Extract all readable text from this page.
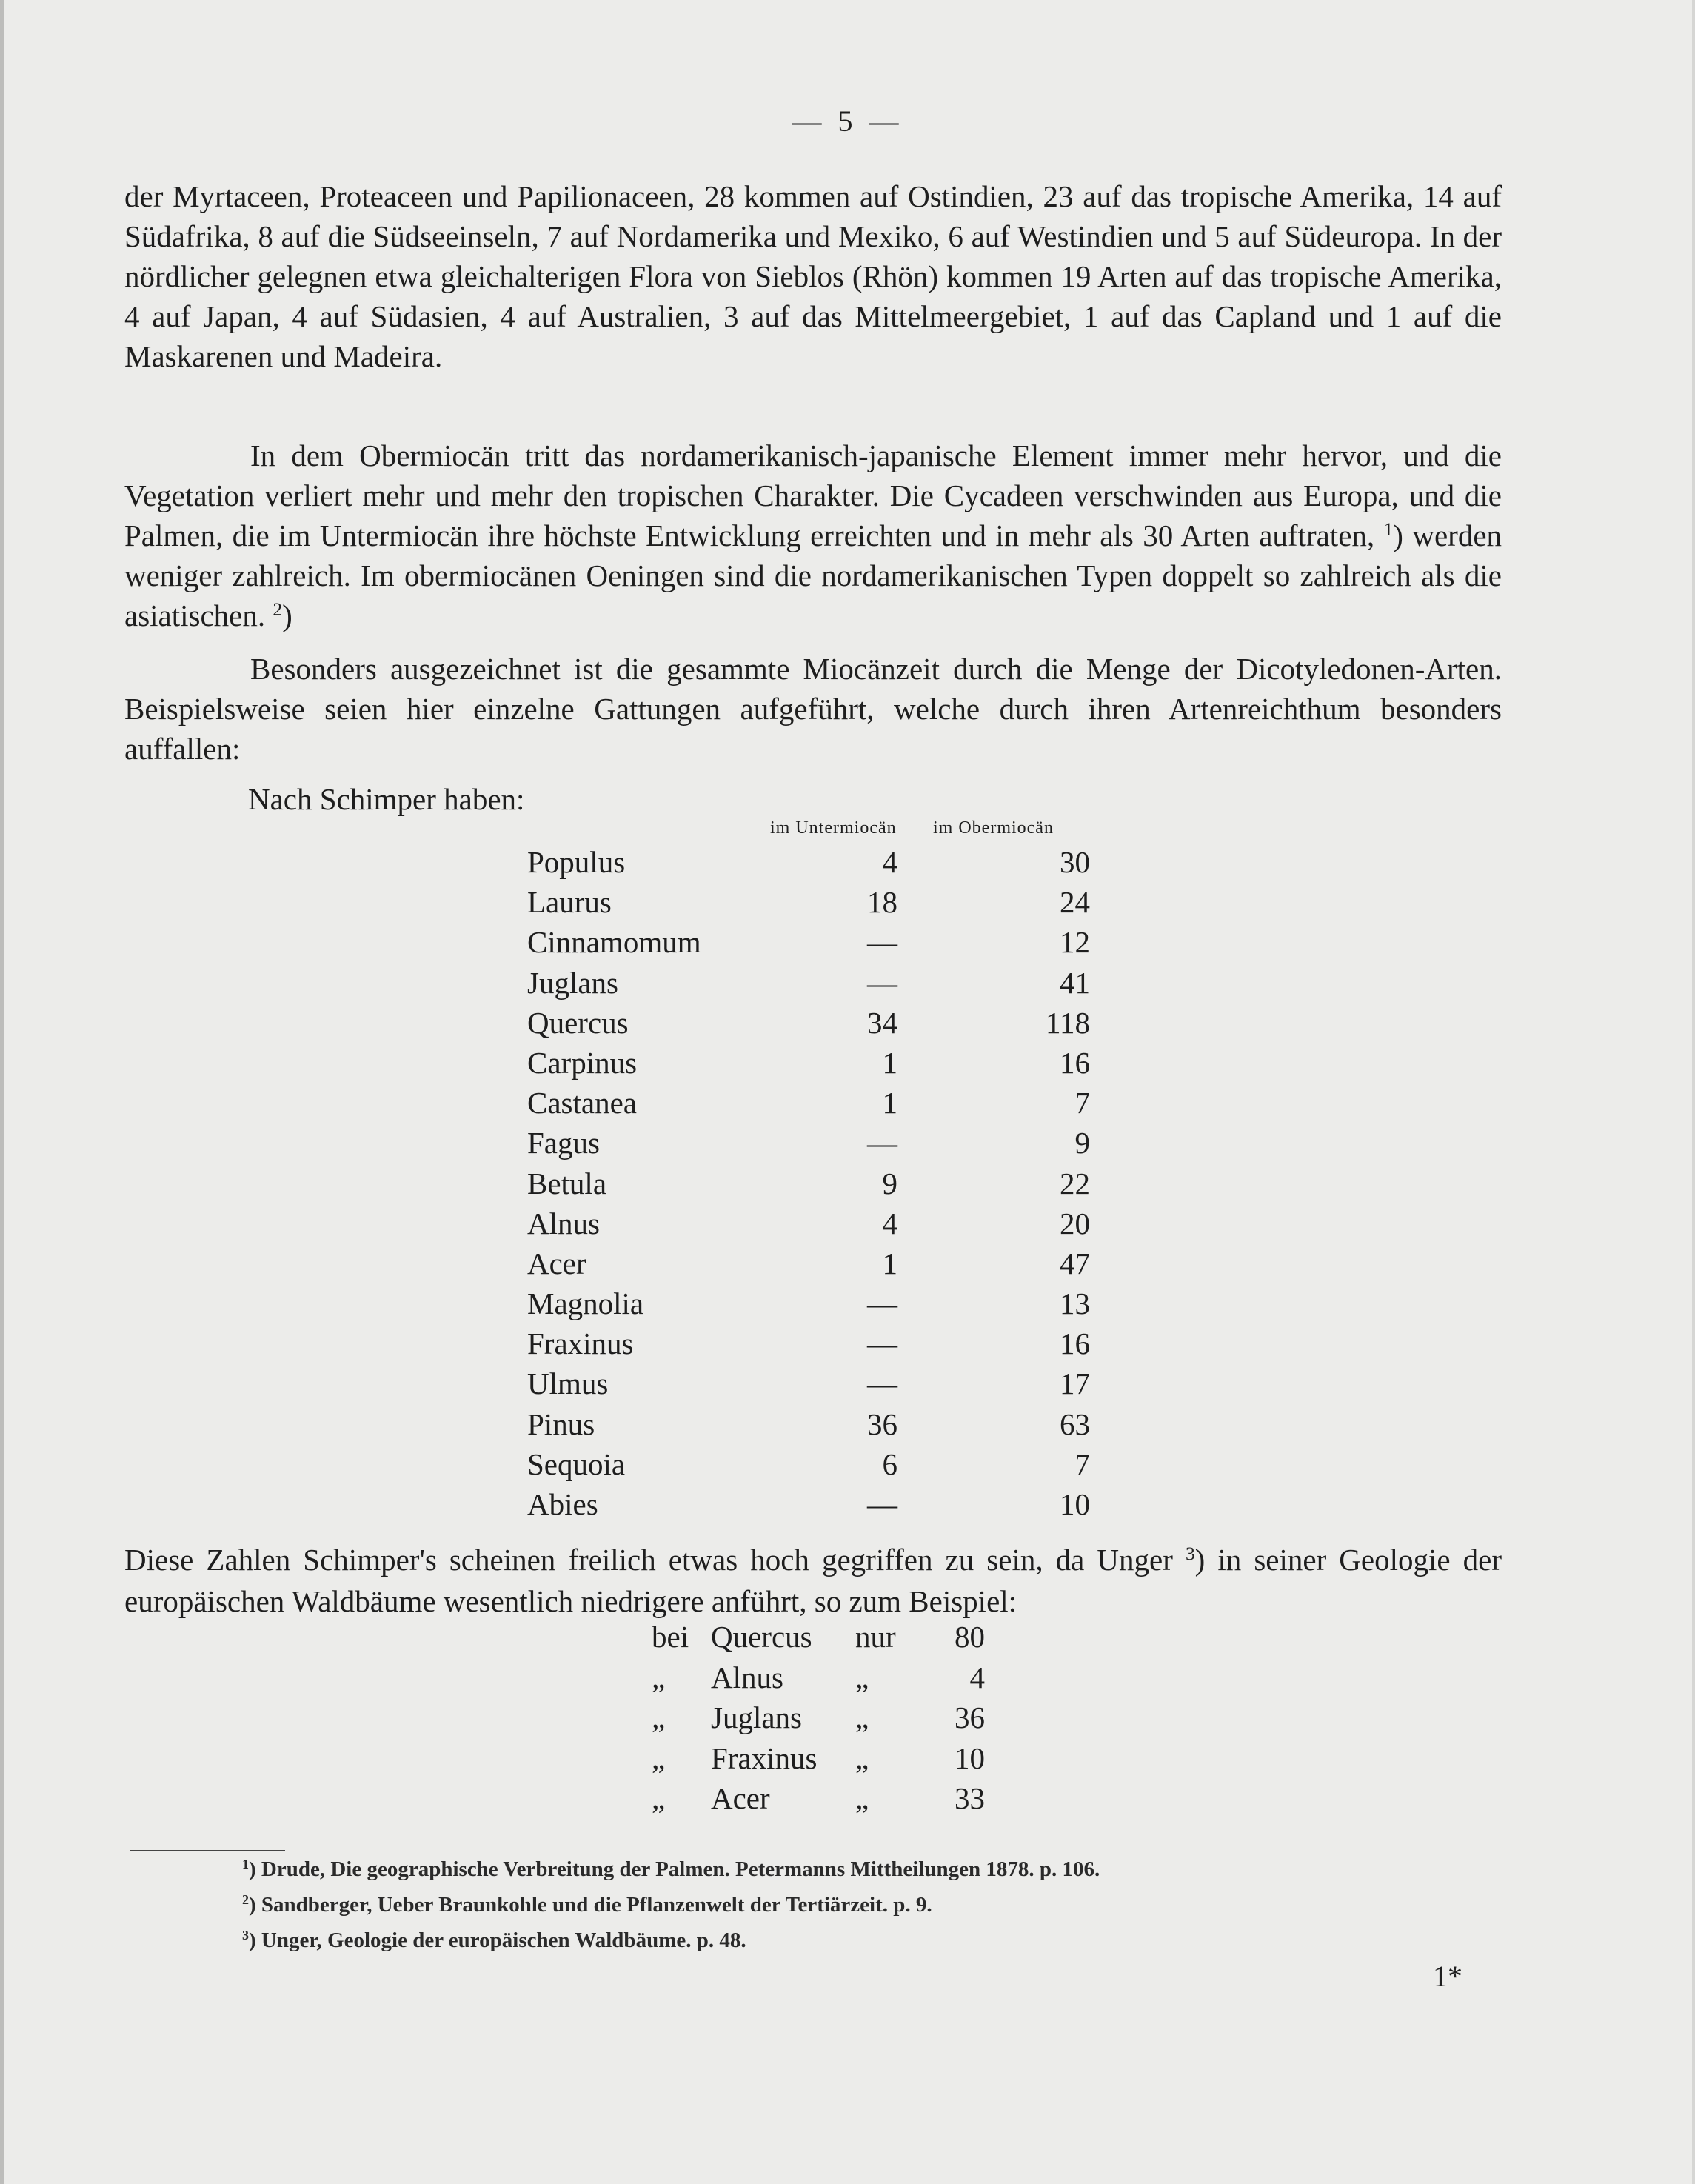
— 5 —

der Myrtaceen, Proteaceen und Papilionaceen, 28 kommen auf Ostindien, 23 auf das tropische Amerika, 14 auf Südafrika, 8 auf die Südseeinseln, 7 auf Nordamerika und Mexiko, 6 auf Westindien und 5 auf Südeuropa. In der nördlicher gelegnen etwa gleichalterigen Flora von Sieblos (Rhön) kommen 19 Arten auf das tropische Amerika, 4 auf Japan, 4 auf Südasien, 4 auf Australien, 3 auf das Mittelmeergebiet, 1 auf das Capland und 1 auf die Maskarenen und Madeira.

In dem Obermiocän tritt das nordamerikanisch-japanische Element immer mehr hervor, und die Vegetation verliert mehr und mehr den tropischen Charakter. Die Cycadeen verschwinden aus Europa, und die Palmen, die im Untermiocän ihre höchste Entwicklung erreichten und in mehr als 30 Arten auftraten, $^1$) werden weniger zahlreich. Im obermiocänen Oeningen sind die nordamerikanischen Typen doppelt so zahlreich als die asiatischen. $^2$)

Besonders ausgezeichnet ist die gesammte Miocänzeit durch die Menge der Dicotyledonen-Arten. Beispielsweise seien hier einzelne Gattungen aufgeführt, welche durch ihren Artenreichthum besonders auffallen:

Nach Schimper haben:
im Untermiocän im Obermiocän
Populus	4	30
Laurus	18	24
Cinnamomum	—	12
Juglans	—	41
Quercus	34	118
Carpinus	1	16
Castanea	1	7
Fagus	—	9
Betula	9	22
Alnus	4	20
Acer	1	47
Magnolia	—	13
Fraxinus	—	16
Ulmus	—	17
Pinus	36	63
Sequoia	6	7
Abies	—	10
Diese Zahlen Schimper's scheinen freilich etwas hoch gegriffen zu sein, da Unger $^3$) in seiner Geologie der europäischen Waldbäume wesentlich niedrigere anführt, so zum Beispiel:
bei Quercus nur	80
„ Alnus „	4
„ Juglans „	36
„ Fraxinus „	10
„ Acer	„	33
$^1$) Drude, Die geographische Verbreitung der Palmen. Petermanns Mittheilungen 1878. p. 106.
$^2$) Sandberger, Ueber Braunkohle und die Pflanzenwelt der Tertiärzeit. p. 9.
$^3$) Unger, Geologie der europäischen Waldbäume. p. 48.
1*
